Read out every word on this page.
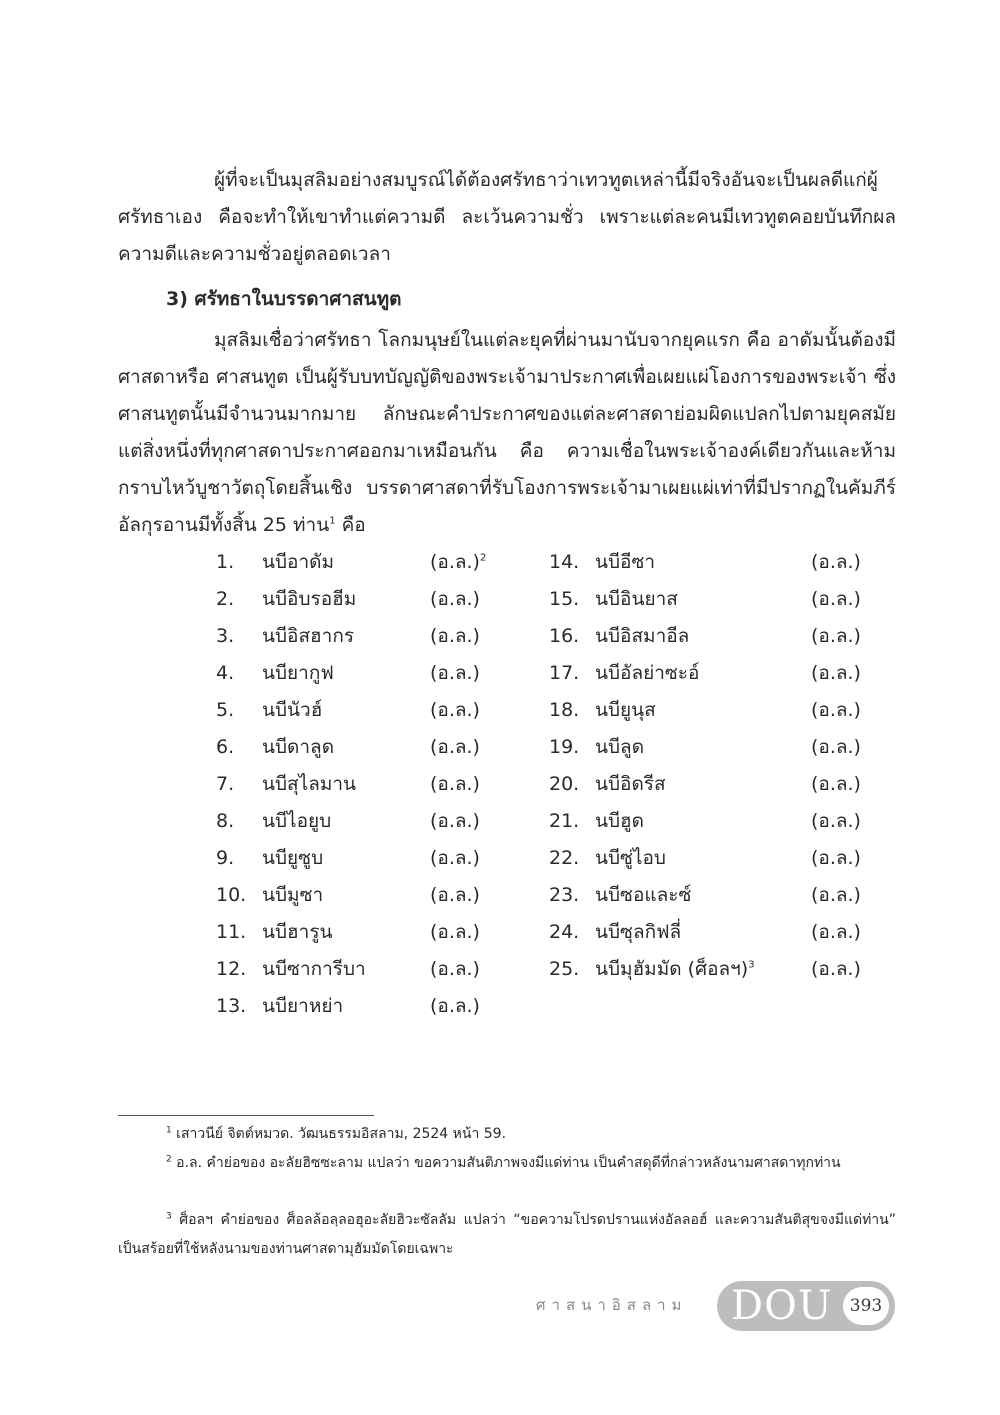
ผู้ที่จะเป็นมุสลิมอย่างสมบูรณ์ได้ต้องศรัทธาว่าเทวทูตเหล่านี้มีจริงอันจะเป็นผลดีแก่ผู้ศรัทธาเอง คือจะทำให้เขาทำแต่ความดี ละเว้นความชั่ว เพราะแต่ละคนมีเทวทูตคอยบันทึกผลความดีและความชั่วอยู่ตลอดเวลา

3) ศรัทธาในบรรดาศาสนทูต

มุสลิมเชื่อว่าศรัทธา โลกมนุษย์ในแต่ละยุคที่ผ่านมานับจากยุคแรก คือ อาดัมนั้นต้องมีศาสดาหรือ ศาสนทูต เป็นผู้รับบทบัญญัติของพระเจ้ามาประกาศเพื่อเผยแผ่โองการของพระเจ้า ซึ่งศาสนทูตนั้นมีจำนวนมากมาย ลักษณะคำประกาศของแต่ละศาสดาย่อมผิดแปลกไปตามยุคสมัย แต่สิ่งหนึ่งที่ทุกศาสดาประกาศออกมาเหมือนกัน คือ ความเชื่อในพระเจ้าองค์เดียวกันและห้ามกราบไหว้บูชาวัตถุโดยสิ้นเชิง บรรดาศาสดาที่รับโองการพระเจ้ามาเผยแผ่เท่าที่มีปรากฏในคัมภีร์อัลกุรอานมีทั้งสิ้น 25 ท่าน$^1$ คือ

1. นบีอาดัม	(อ.ล.)$^2$
2. นบีอิบรอฮีม	(อ.ล.)
3. นบีอิสฮากร	(อ.ล.)
4. นบียากูฟ	(อ.ล.)
5. นบีนัวฮ์	(อ.ล.)
6. นบีดาลูด	(อ.ล.)
7. นบีสุไลมาน	(อ.ล.)
8. นบีไอยูบ	(อ.ล.)
9. นบียูซูบ	(อ.ล.)
10. นบีมูซา	(อ.ล.)
11. นบีฮารูน	(อ.ล.)
12. นบีซาการีบา	(อ.ล.)
13. นบียาหย่า	(อ.ล.)
14. นบีอีซา	(อ.ล.)
15. นบีอินยาส	(อ.ล.)
16. นบีอิสมาอีล	(อ.ล.)
17. นบีอัลย่าซะอ์	(อ.ล.)
18. นบียูนุส	(อ.ล.)
19. นบีลูด	(อ.ล.)
20. นบีอิดรีส	(อ.ล.)
21. นบีฮูด	(อ.ล.)
22. นบีซู่ไอบ	(อ.ล.)
23. นบีซอและซ์	(อ.ล.)
24. นบีซุลกิฟลี่	(อ.ล.)
25. นบีมุฮัมมัด (ศ็อลฯ)$^3$	(อ.ล.)

$^1$ เสาวนีย์ จิตต์หมวด. วัฒนธรรมอิสลาม, 2524 หน้า 59.

$^2$ อ.ล. คำย่อของ อะลัยฮิซซะลาม แปลว่า ขอความสันติภาพจงมีแด่ท่าน เป็นคำสดุดีที่กล่าวหลังนามศาสดาทุกท่าน

$^3$ ศ็อลฯ คำย่อของ ศ็อลล้อลฺลอฮุอะลัยฮิวะซัลลัม แปลว่า “ขอความโปรดปรานแห่งอัลลอฮ์ และความสันติสุขจงมีแด่ท่าน” เป็นสร้อยที่ใช้หลังนามของท่านศาสดามุฮัมมัดโดยเฉพาะ

ศาสนาอิสลาม DOU	393
